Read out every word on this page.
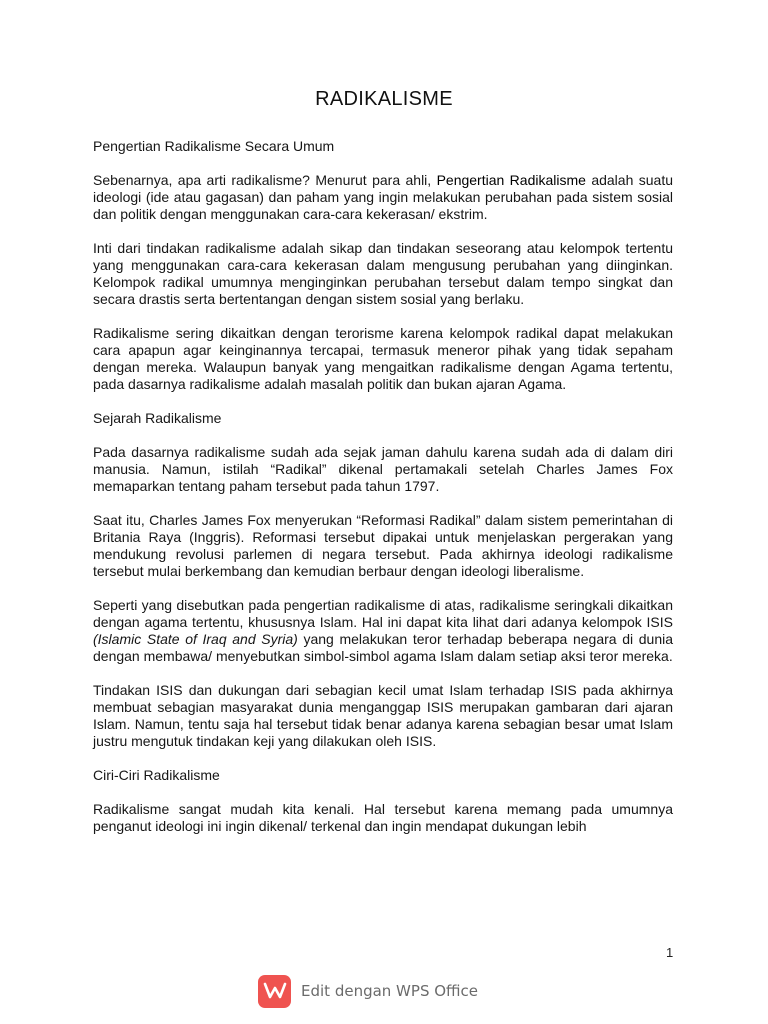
RADIKALISME
Pengertian Radikalisme Secara Umum

Sebenarnya, apa arti radikalisme? Menurut para ahli, Pengertian Radikalisme adalah suatu ideologi (ide atau gagasan) dan paham yang ingin melakukan perubahan pada sistem sosial dan politik dengan menggunakan cara-cara kekerasan/ ekstrim.

Inti dari tindakan radikalisme adalah sikap dan tindakan seseorang atau kelompok tertentu yang menggunakan cara-cara kekerasan dalam mengusung perubahan yang diinginkan. Kelompok radikal umumnya menginginkan perubahan tersebut dalam tempo singkat dan secara drastis serta bertentangan dengan sistem sosial yang berlaku.

Radikalisme sering dikaitkan dengan terorisme karena kelompok radikal dapat melakukan cara apapun agar keinginannya tercapai, termasuk meneror pihak yang tidak sepaham dengan mereka. Walaupun banyak yang mengaitkan radikalisme dengan Agama tertentu, pada dasarnya radikalisme adalah masalah politik dan bukan ajaran Agama.

Sejarah Radikalisme

Pada dasarnya radikalisme sudah ada sejak jaman dahulu karena sudah ada di dalam diri manusia. Namun, istilah “Radikal” dikenal pertamakali setelah Charles James Fox memaparkan tentang paham tersebut pada tahun 1797.

Saat itu, Charles James Fox menyerukan “Reformasi Radikal” dalam sistem pemerintahan di Britania Raya (Inggris). Reformasi tersebut dipakai untuk menjelaskan pergerakan yang mendukung revolusi parlemen di negara tersebut. Pada akhirnya ideologi radikalisme tersebut mulai berkembang dan kemudian berbaur dengan ideologi liberalisme.

Seperti yang disebutkan pada pengertian radikalisme di atas, radikalisme seringkali dikaitkan dengan agama tertentu, khususnya Islam. Hal ini dapat kita lihat dari adanya kelompok ISIS (Islamic State of Iraq and Syria) yang melakukan teror terhadap beberapa negara di dunia dengan membawa/ menyebutkan simbol-simbol agama Islam dalam setiap aksi teror mereka.

Tindakan ISIS dan dukungan dari sebagian kecil umat Islam terhadap ISIS pada akhirnya membuat sebagian masyarakat dunia menganggap ISIS merupakan gambaran dari ajaran Islam. Namun, tentu saja hal tersebut tidak benar adanya karena sebagian besar umat Islam justru mengutuk tindakan keji yang dilakukan oleh ISIS.

Ciri-Ciri Radikalisme

Radikalisme sangat mudah kita kenali. Hal tersebut karena memang pada umumnya penganut ideologi ini ingin dikenal/ terkenal dan ingin mendapat dukungan lebih

1
Edit dengan WPS Office
